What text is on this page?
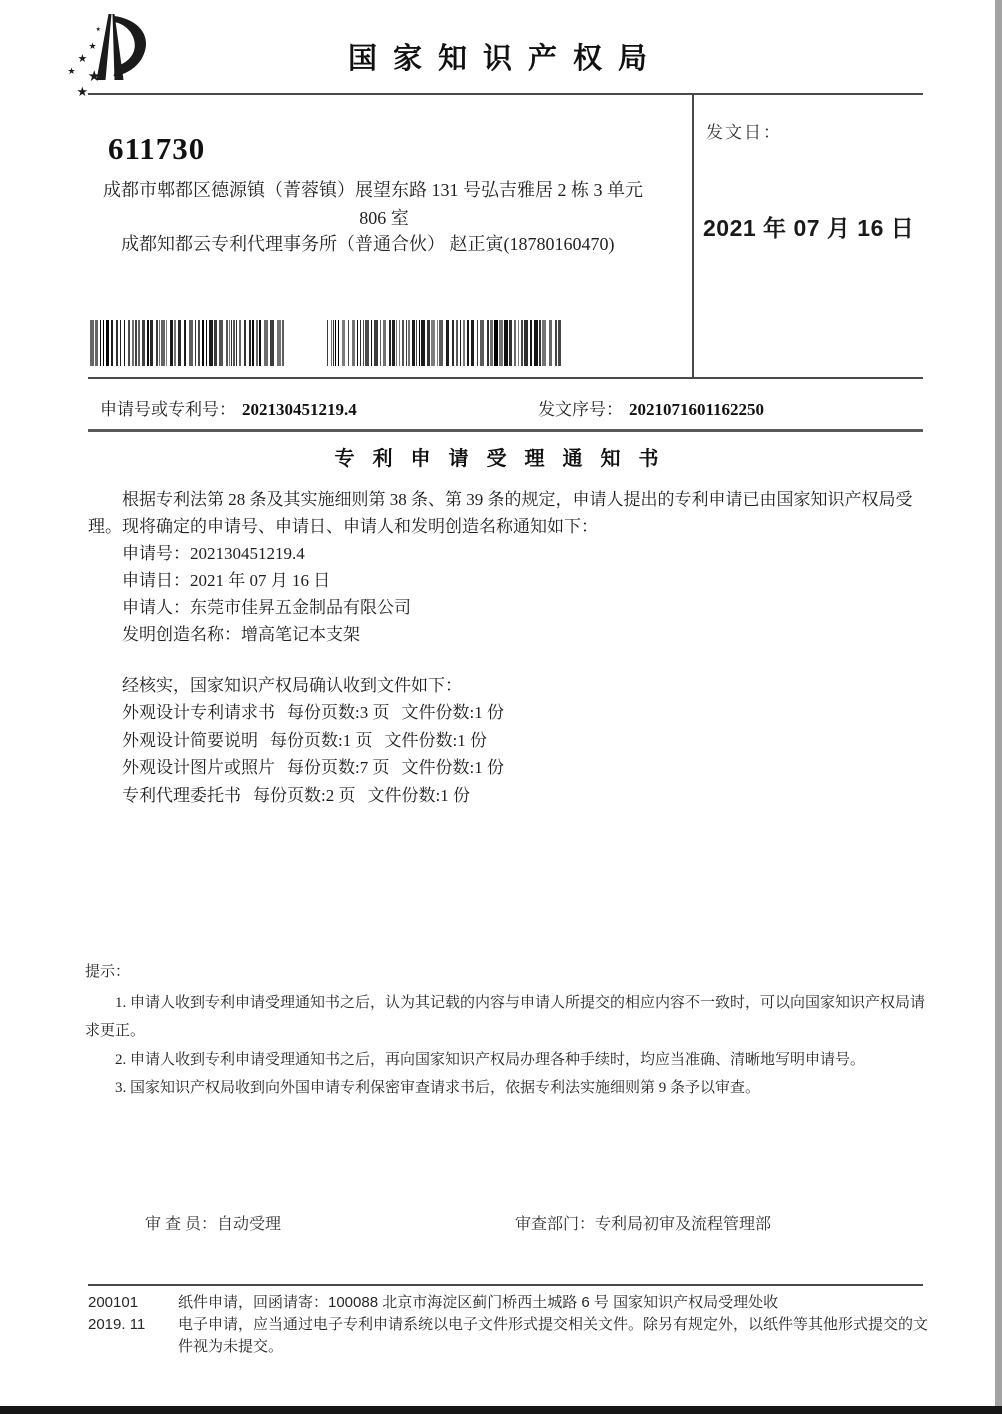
★
★
★
★ ★
★
国家知识产权局
611730
成都市郫都区德源镇（菁蓉镇）展望东路 131 号弘吉雅居 2 栋 3 单元
806 室
成都知都云专利代理事务所（普通合伙） 赵正寅(18780160470)
发文日：
2021 年 07 月 16 日
申请号或专利号： 202130451219.4	发文序号： 2021071601162250
专利申请受理通知书

根据专利法第 28 条及其实施细则第 38 条、第 39 条的规定，申请人提出的专利申请已由国家知识产权局受理。现将确定的申请号、申请日、申请人和发明创造名称通知如下：

申请号：202130451219.4

申请日：2021 年 07 月 16 日

申请人：东莞市佳昇五金制品有限公司

发明创造名称：增高笔记本支架

经核实，国家知识产权局确认收到文件如下：

外观设计专利请求书 每份页数:3 页 文件份数:1 份

外观设计简要说明 每份页数:1 页 文件份数:1 份

外观设计图片或照片 每份页数:7 页 文件份数:1 份

专利代理委托书 每份页数:2 页 文件份数:1 份

提示：

1. 申请人收到专利申请受理通知书之后，认为其记载的内容与申请人所提交的相应内容不一致时，可以向国家知识产权局请求更正。

2. 申请人收到专利申请受理通知书之后，再向国家知识产权局办理各种手续时，均应当准确、清晰地写明申请号。

3. 国家知识产权局收到向外国申请专利保密审查请求书后，依据专利法实施细则第 9 条予以审查。

审 查 员：自动受理	审查部门：专利局初审及流程管理部
200101	纸件申请，回函请寄：100088 北京市海淀区蓟门桥西土城路 6 号 国家知识产权局受理处收
2019. 11	电子申请，应当通过电子专利申请系统以电子文件形式提交相关文件。除另有规定外，以纸件等其他形式提交的文件视为未提交。
